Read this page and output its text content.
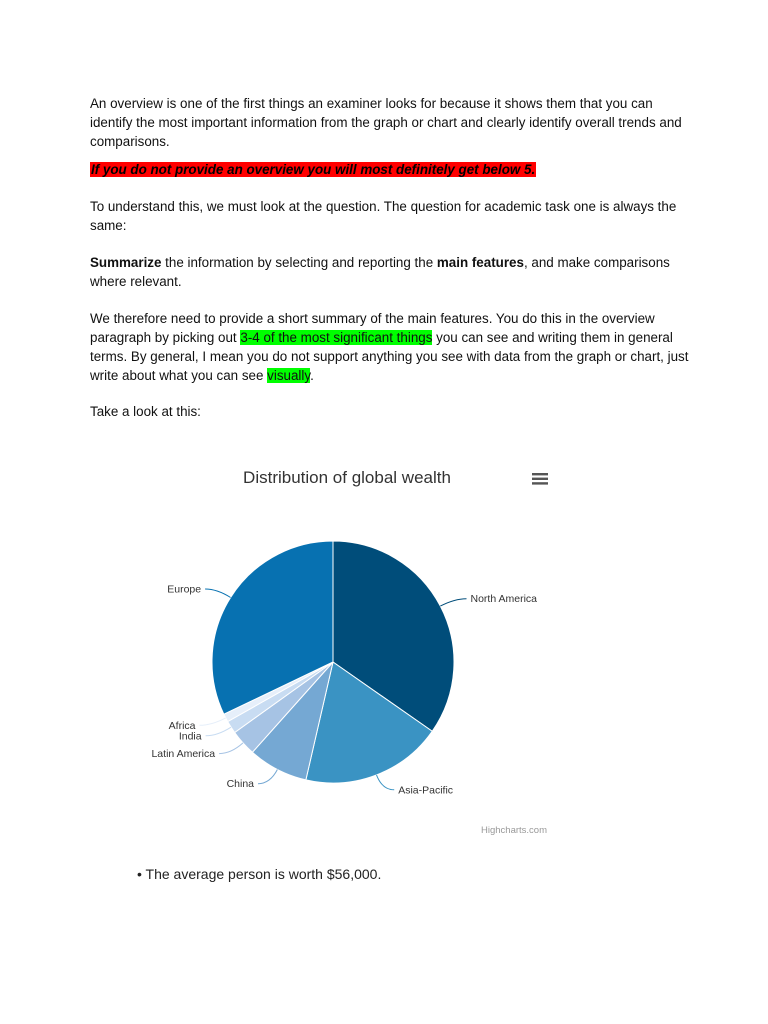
An overview is one of the first things an examiner looks for because it shows them that you can identify the most important information from the graph or chart and clearly identify overall trends and comparisons.

If you do not provide an overview you will most definitely get below 5.

To understand this, we must look at the question. The question for academic task one is always the same:

Summarize the information by selecting and reporting the main features, and make comparisons where relevant.

We therefore need to provide a short summary of the main features. You do this in the overview paragraph by picking out 3-4 of the most significant things you can see and writing them in general terms. By general, I mean you do not support anything you see with data from the graph or chart, just write about what you can see visually.

Take a look at this:

Distribution of global wealth
North America
Asia-Pacific
China
Latin America
India
Africa
Europe
Highcharts.com
• The average person is worth $56,000.
